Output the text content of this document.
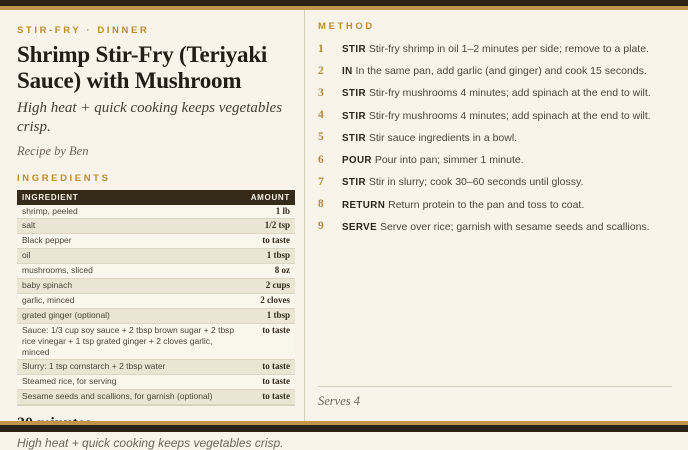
STIR-FRY · DINNER
Shrimp Stir-Fry (Teriyaki Sauce) with Mushroom
High heat + quick cooking keeps vegetables crisp.
Recipe by Ben
INGREDIENTS
INGREDIENT	AMOUNT
shrimp, peeled	1 lb
salt	1/2 tsp
Black pepper	to taste
oil	1 tbsp
mushrooms, sliced	8 oz
baby spinach	2 cups
garlic, minced	2 cloves
grated ginger (optional)	1 tbsp
Sauce: 1/3 cup soy sauce + 2 tbsp brown sugar + 2 tbsp rice vinegar + 1 tsp grated ginger + 2 cloves garlic, minced	to taste
Slurry: 1 tsp cornstarch + 2 tbsp water	to taste
Steamed rice, for serving	to taste
Sesame seeds and scallions, for garnish (optional)	to taste
High heat + quick cooking keeps vegetables crisp.
METHOD
1	STIR Stir-fry shrimp in oil 1–2 minutes per side; remove to a plate.
2	IN In the same pan, add garlic (and ginger) and cook 15 seconds.
3	STIR Stir-fry mushrooms 4 minutes; add spinach at the end to wilt.
4	STIR Stir-fry mushrooms 4 minutes; add spinach at the end to wilt.
5	STIR Stir sauce ingredients in a bowl.
6	POUR Pour into pan; simmer 1 minute.
7	STIR Stir in slurry; cook 30–60 seconds until glossy.
8	RETURN Return protein to the pan and toss to coat.
9	SERVE Serve over rice; garnish with sesame seeds and scallions.
Serves 4
